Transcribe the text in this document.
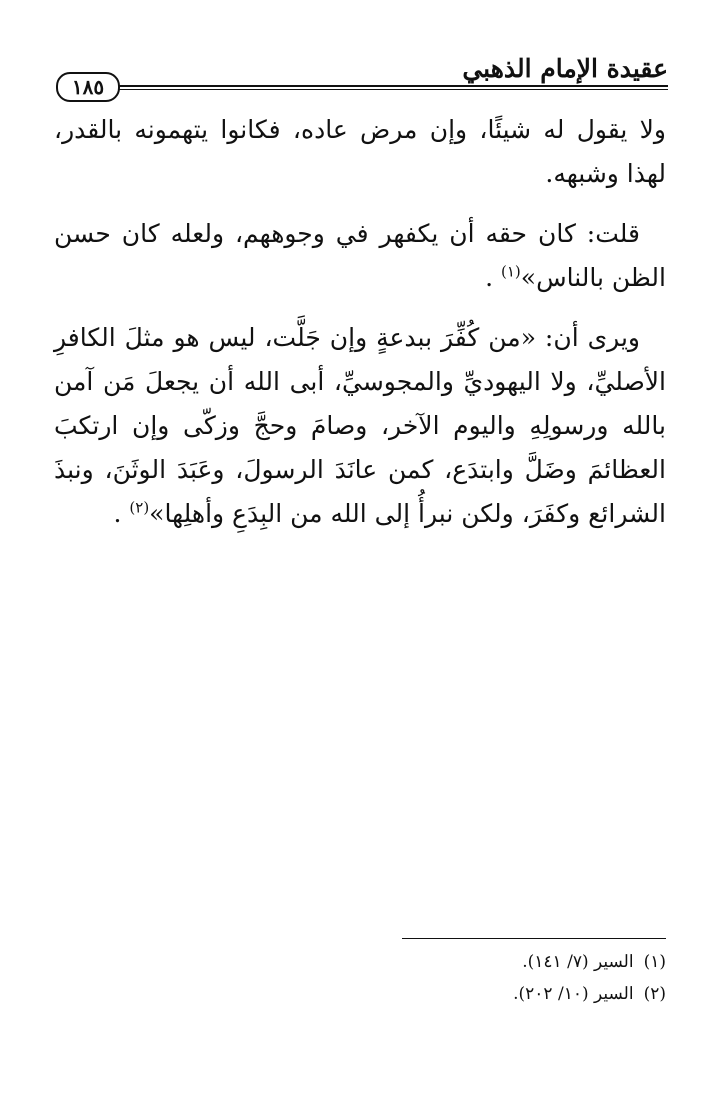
عقيدة الإمام الذهبي
١٨٥

ولا يقول له شيئًا، وإن مرض عاده، فكانوا يتهمونه بالقدر، لهذا وشبهه.

قلت: كان حقه أن يكفهر في وجوههم، ولعله كان حسن الظن بالناس»$^{(١)}$ .

ويرى أن: «من كُفِّرَ ببدعةٍ وإن جَلَّت، ليس هو مثلَ الكافرِ الأصليِّ، ولا اليهوديِّ والمجوسيِّ، أبى الله أن يجعلَ مَن آمن بالله ورسولِهِ واليوم الآخر، وصامَ وحجَّ وزكّى وإن ارتكبَ العظائمَ وضَلَّ وابتدَع، كمن عانَدَ الرسولَ، وعَبَدَ الوثَنَ، ونبذَ الشرائع وكفَرَ، ولكن نبرأُ إلى الله من البِدَعِ وأهلِها»$^{(٢)}$ .

(١)السير (٧/ ١٤١).
(٢)السير (١٠/ ٢٠٢).
